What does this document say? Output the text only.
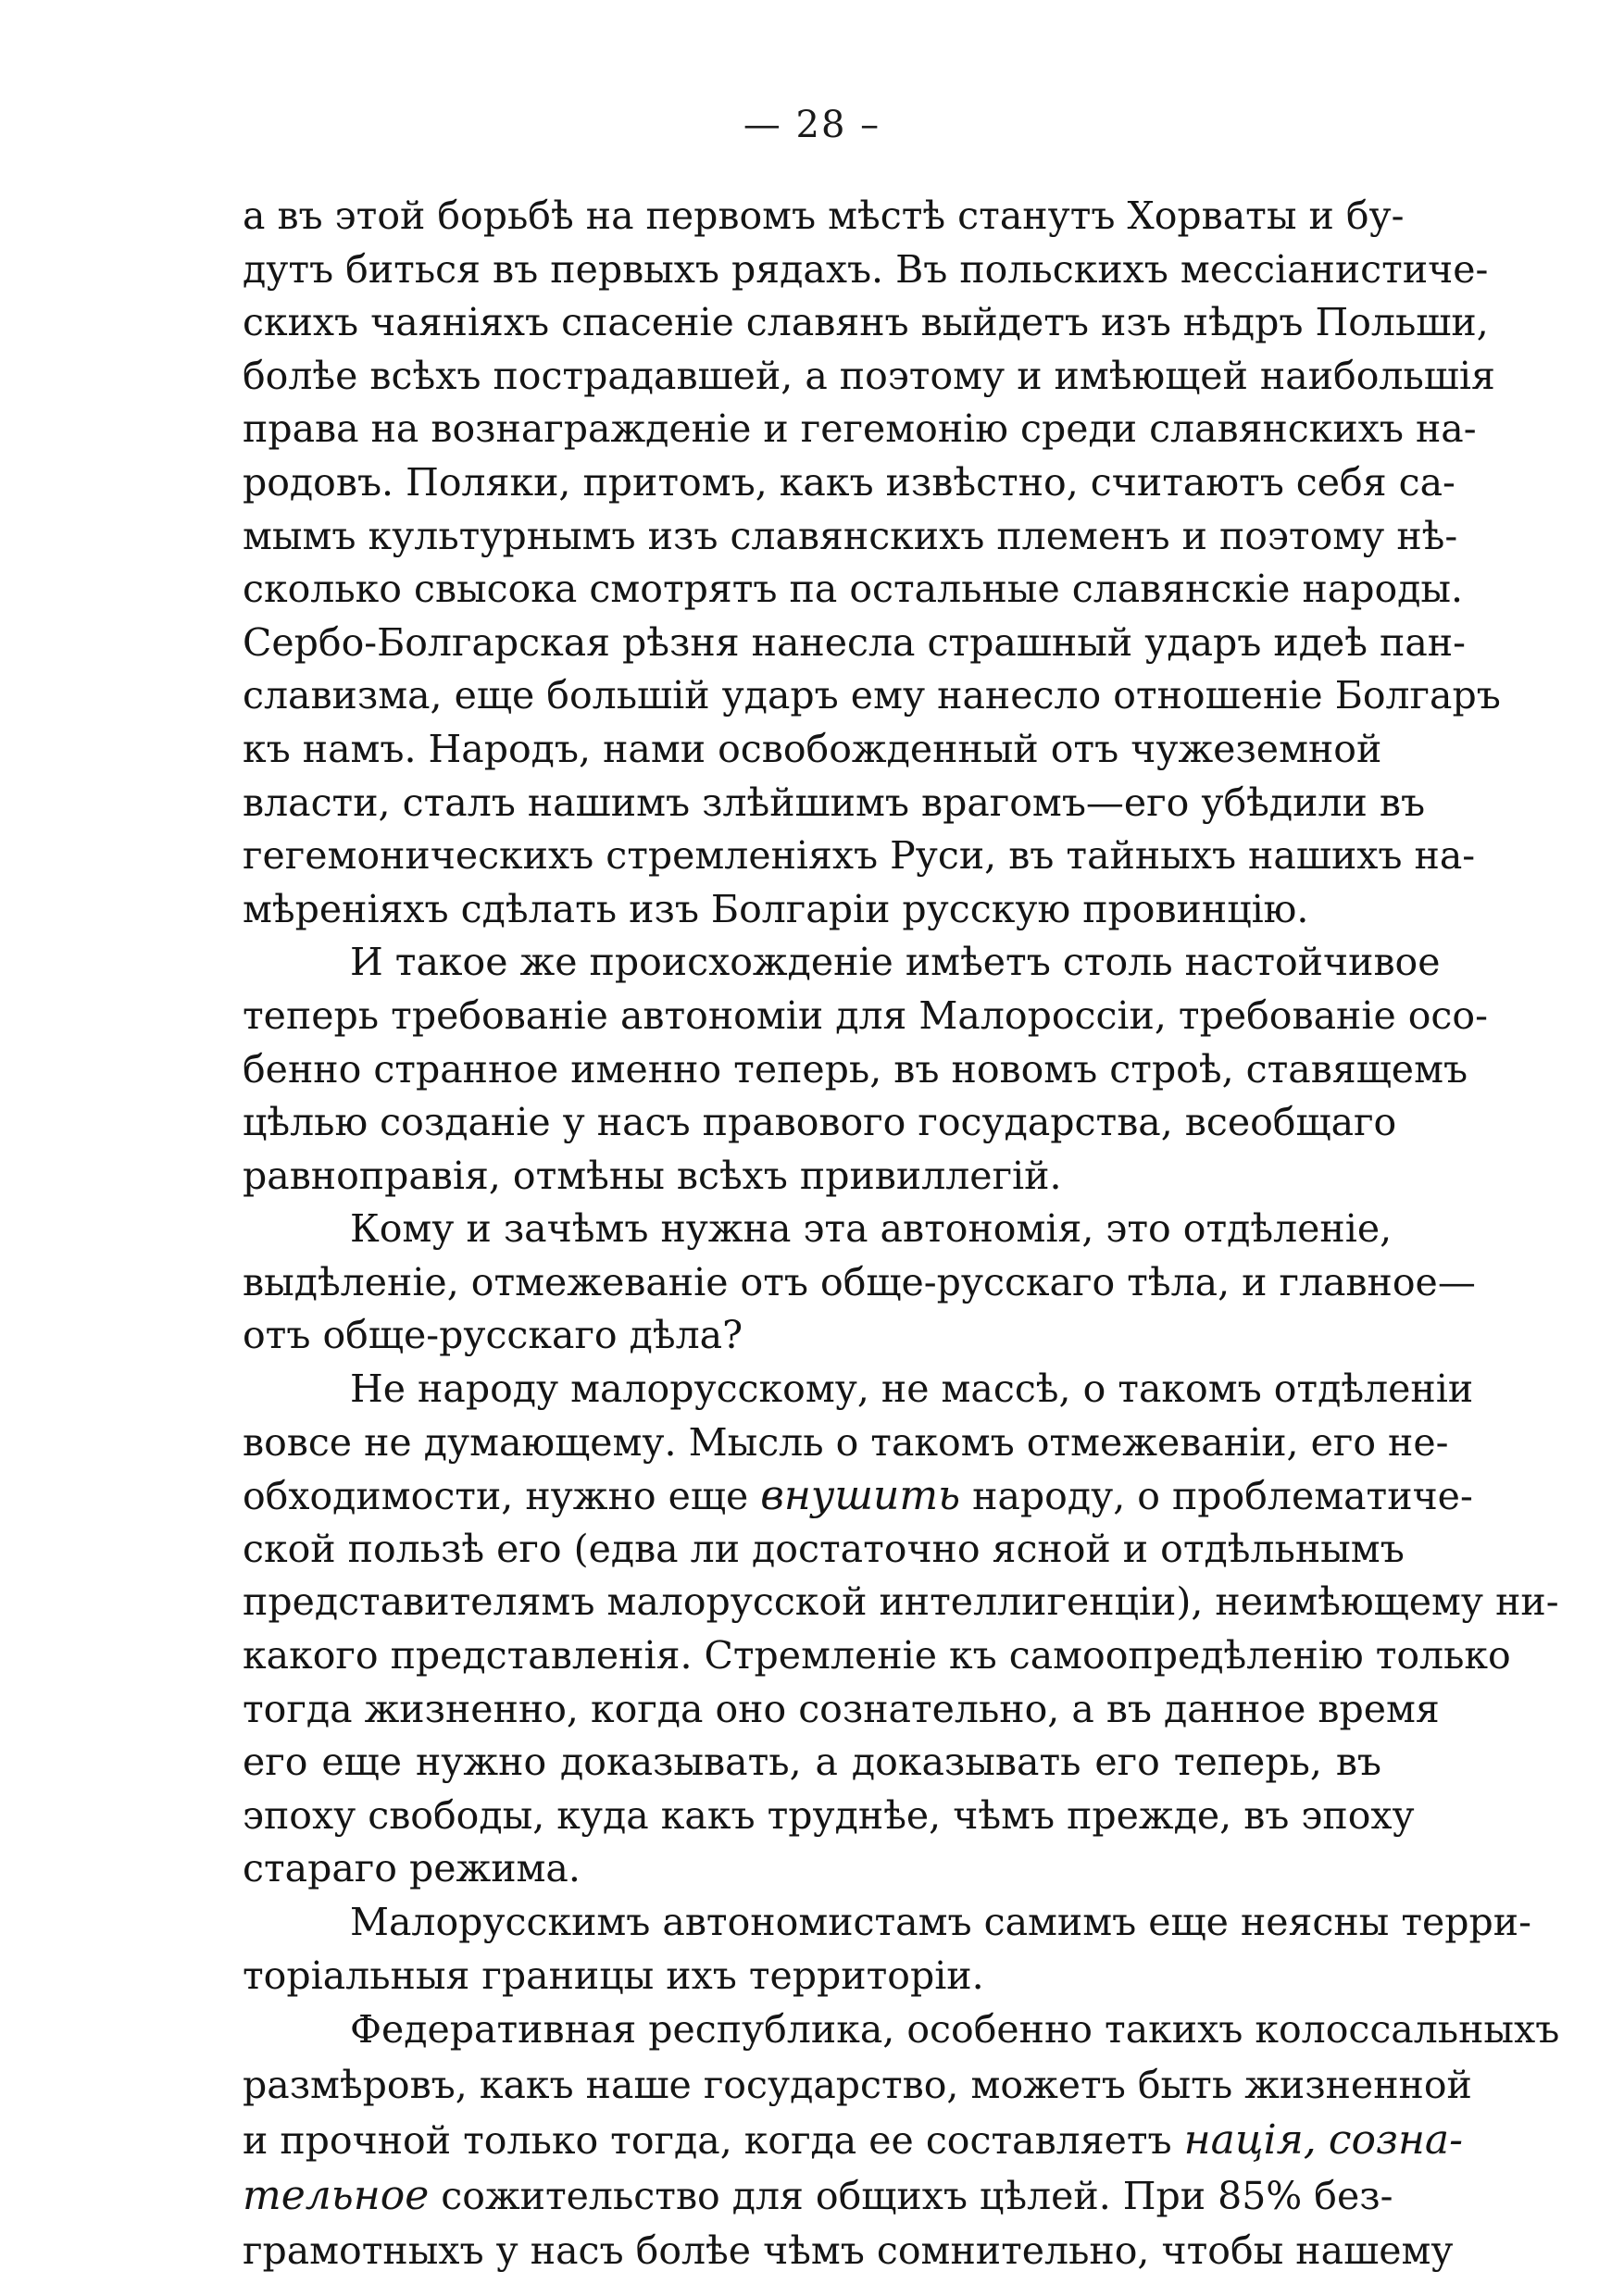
— 28 –
а въ этой борьбѣ на первомъ мѣстѣ станутъ Хорваты и бу-
дутъ биться въ первыхъ рядахъ. Въ польскихъ мессіанистиче-
скихъ чаяніяхъ спасеніе славянъ выйдетъ изъ нѣдръ Польши,
болѣе всѣхъ пострадавшей, а поэтому и имѣющей наибольшія
права на вознагражденіе и гегемонію среди славянскихъ на-
родовъ. Поляки, притомъ, какъ извѣстно, считаютъ себя са-
мымъ культурнымъ изъ славянскихъ племенъ и поэтому нѣ-
сколько свысока смотрятъ па остальные славянскіе народы.
Сербо-Болгарская рѣзня нанесла страшный ударъ идеѣ пан-
славизма, еще большій ударъ ему нанесло отношеніе Болгаръ
къ намъ. Народъ, нами освобожденный отъ чужеземной
власти, сталъ нашимъ злѣйшимъ врагомъ—его убѣдили въ
гегемоническихъ стремленіяхъ Руси, въ тайныхъ нашихъ на-
мѣреніяхъ сдѣлать изъ Болгаріи русскую провинцію.
И такое же происхожденіе имѣетъ столь настойчивое
теперь требованіе автономіи для Малороссіи, требованіе осо-
бенно странное именно теперь, въ новомъ строѣ, ставящемъ
цѣлью созданіе у насъ правового государства, всеобщаго
равноправія, отмѣны всѣхъ привиллегій.
Кому и зачѣмъ нужна эта автономія, это отдѣленіе,
выдѣленіе, отмежеваніе отъ обще-русскаго тѣла, и главное—
отъ обще-русскаго дѣла?
Не народу малорусскому, не массѣ, о такомъ отдѣленіи
вовсе не думающему. Мысль о такомъ отмежеваніи, его не-
обходимости, нужно еще внушить народу, о проблематиче-
ской пользѣ его (едва ли достаточно ясной и отдѣльнымъ
представителямъ малорусской интеллигенціи), неимѣющему ни-
какого представленія. Стремленіе къ самоопредѣленію только
тогда жизненно, когда оно сознательно, а въ данное время
его еще нужно доказывать, а доказывать его теперь, въ
эпоху свободы, куда какъ труднѣе, чѣмъ прежде, въ эпоху
стараго режима.
Малорусскимъ автономистамъ самимъ еще неясны терри-
торіальныя границы ихъ территоріи.
Федеративная республика, особенно такихъ колоссальныхъ
размѣровъ, какъ наше государство, можетъ быть жизненной
и прочной только тогда, когда ее составляетъ нація, созна-
тельное сожительство для общихъ цѣлей. При 85% без-
грамотныхъ у насъ болѣе чѣмъ сомнительно, чтобы нашему
